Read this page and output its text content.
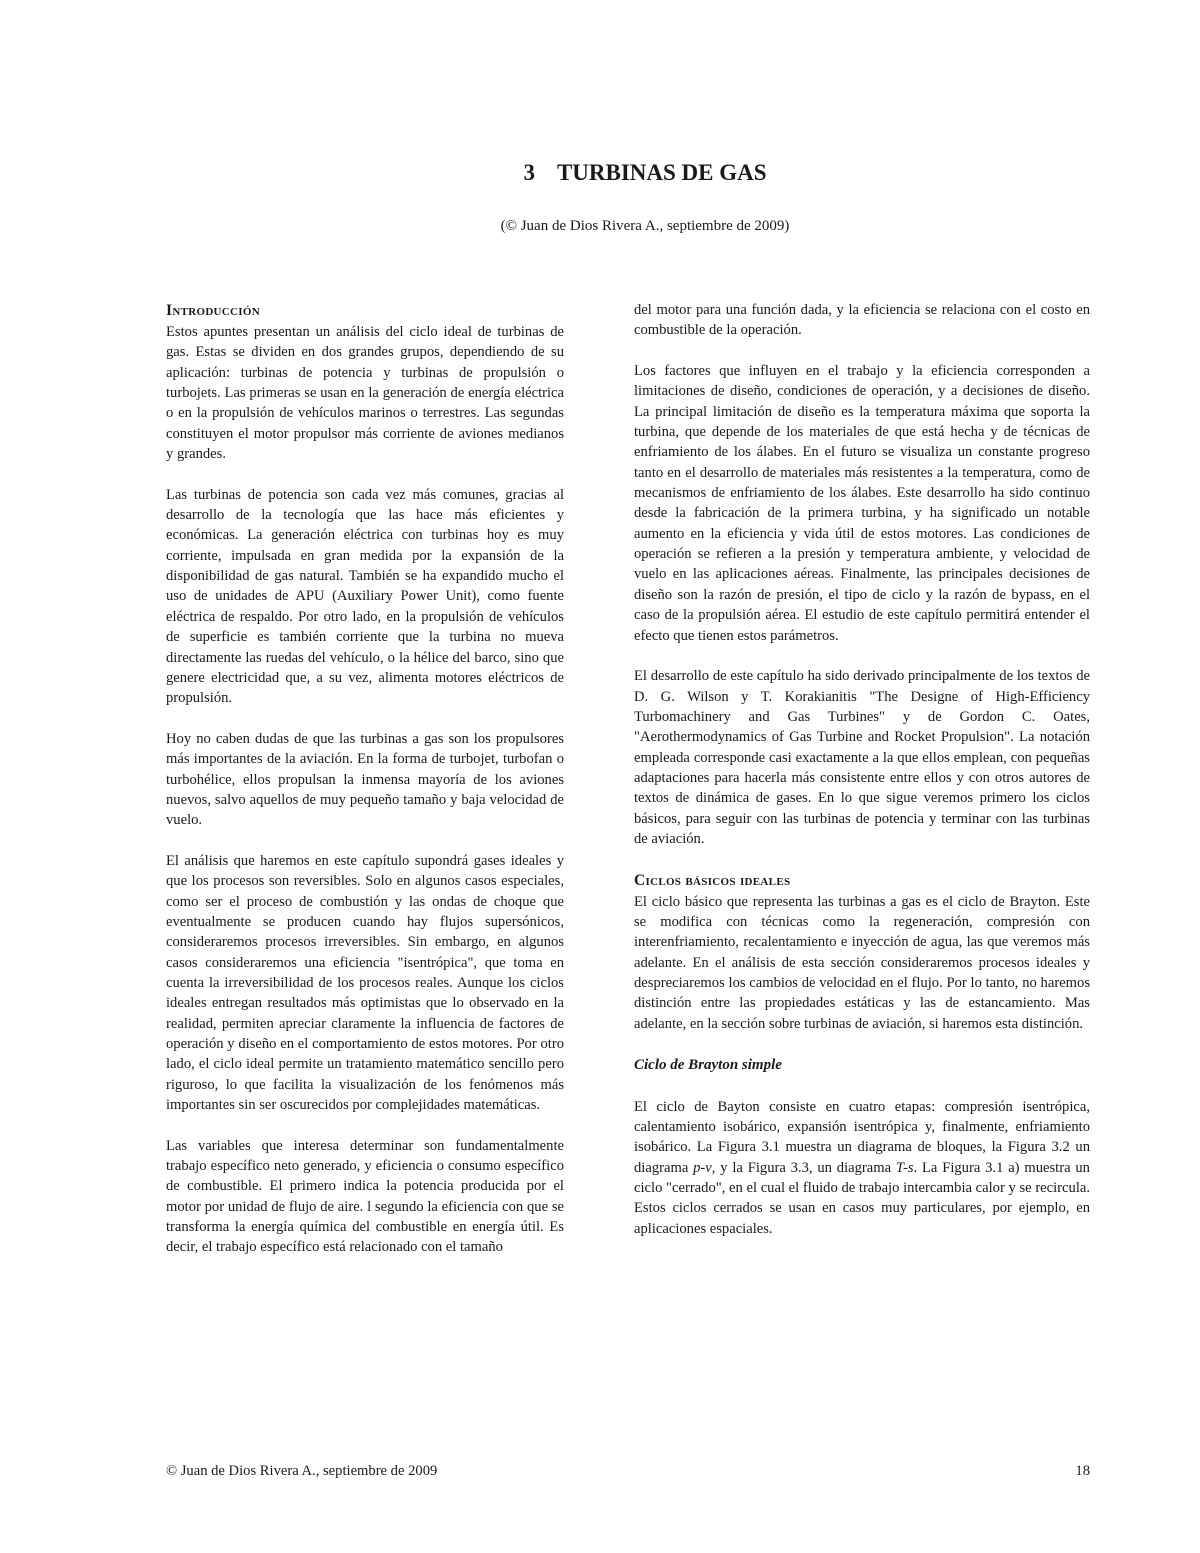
3 TURBINAS DE GAS

(© Juan de Dios Rivera A., septiembre de 2009)

Introducción

Estos apuntes presentan un análisis del ciclo ideal de turbinas de gas. Estas se dividen en dos grandes grupos, dependiendo de su aplicación: turbinas de potencia y turbinas de propulsión o turbojets. Las primeras se usan en la generación de energía eléctrica o en la propulsión de vehículos marinos o terrestres. Las segundas constituyen el motor propulsor más corriente de aviones medianos y grandes.

Las turbinas de potencia son cada vez más comunes, gracias al desarrollo de la tecnología que las hace más eficientes y económicas. La generación eléctrica con turbinas hoy es muy corriente, impulsada en gran medida por la expansión de la disponibilidad de gas natural. También se ha expandido mucho el uso de unidades de APU (Auxiliary Power Unit), como fuente eléctrica de respaldo. Por otro lado, en la propulsión de vehículos de superficie es también corriente que la turbina no mueva directamente las ruedas del vehículo, o la hélice del barco, sino que genere electricidad que, a su vez, alimenta motores eléctricos de propulsión.

Hoy no caben dudas de que las turbinas a gas son los propulsores más importantes de la aviación. En la forma de turbojet, turbofan o turbohélice, ellos propulsan la inmensa mayoría de los aviones nuevos, salvo aquellos de muy pequeño tamaño y baja velocidad de vuelo.

El análisis que haremos en este capítulo supondrá gases ideales y que los procesos son reversibles. Solo en algunos casos especiales, como ser el proceso de combustión y las ondas de choque que eventualmente se producen cuando hay flujos supersónicos, consideraremos procesos irreversibles. Sin embargo, en algunos casos consideraremos una eficiencia "isentrópica", que toma en cuenta la irreversibilidad de los procesos reales. Aunque los ciclos ideales entregan resultados más optimistas que lo observado en la realidad, permiten apreciar claramente la influencia de factores de operación y diseño en el comportamiento de estos motores. Por otro lado, el ciclo ideal permite un tratamiento matemático sencillo pero riguroso, lo que facilita la visualización de los fenómenos más importantes sin ser oscurecidos por complejidades matemáticas.

Las variables que interesa determinar son fundamentalmente trabajo específico neto generado, y eficiencia o consumo específico de combustible. El primero indica la potencia producida por el motor por unidad de flujo de aire. l segundo la eficiencia con que se transforma la energía química del combustible en energía útil. Es decir, el trabajo específico está relacionado con el tamaño

del motor para una función dada, y la eficiencia se relaciona con el costo en combustible de la operación.

Los factores que influyen en el trabajo y la eficiencia corresponden a limitaciones de diseño, condiciones de operación, y a decisiones de diseño. La principal limitación de diseño es la temperatura máxima que soporta la turbina, que depende de los materiales de que está hecha y de técnicas de enfriamiento de los álabes. En el futuro se visualiza un constante progreso tanto en el desarrollo de materiales más resistentes a la temperatura, como de mecanismos de enfriamiento de los álabes. Este desarrollo ha sido continuo desde la fabricación de la primera turbina, y ha significado un notable aumento en la eficiencia y vida útil de estos motores. Las condiciones de operación se refieren a la presión y temperatura ambiente, y velocidad de vuelo en las aplicaciones aéreas. Finalmente, las principales decisiones de diseño son la razón de presión, el tipo de ciclo y la razón de bypass, en el caso de la propulsión aérea. El estudio de este capítulo permitirá entender el efecto que tienen estos parámetros.

El desarrollo de este capítulo ha sido derivado principalmente de los textos de D. G. Wilson y T. Korakianitis "The Designe of High-Efficiency Turbomachinery and Gas Turbines" y de Gordon C. Oates, "Aerothermodynamics of Gas Turbine and Rocket Propulsion". La notación empleada corresponde casi exactamente a la que ellos emplean, con pequeñas adaptaciones para hacerla más consistente entre ellos y con otros autores de textos de dinámica de gases. En lo que sigue veremos primero los ciclos básicos, para seguir con las turbinas de potencia y terminar con las turbinas de aviación.

Ciclos básicos ideales

El ciclo básico que representa las turbinas a gas es el ciclo de Brayton. Este se modifica con técnicas como la regeneración, compresión con interenfriamiento, recalentamiento e inyección de agua, las que veremos más adelante. En el análisis de esta sección consideraremos procesos ideales y despreciaremos los cambios de velocidad en el flujo. Por lo tanto, no haremos distinción entre las propiedades estáticas y las de estancamiento. Mas adelante, en la sección sobre turbinas de aviación, si haremos esta distinción.

Ciclo de Brayton simple

El ciclo de Bayton consiste en cuatro etapas: compresión isentrópica, calentamiento isobárico, expansión isentrópica y, finalmente, enfriamiento isobárico. La Figura 3.1 muestra un diagrama de bloques, la Figura 3.2 un diagrama p-v, y la Figura 3.3, un diagrama T-s. La Figura 3.1 a) muestra un ciclo "cerrado", en el cual el fluido de trabajo intercambia calor y se recircula. Estos ciclos cerrados se usan en casos muy particulares, por ejemplo, en aplicaciones espaciales.

© Juan de Dios Rivera A., septiembre de 2009	18
